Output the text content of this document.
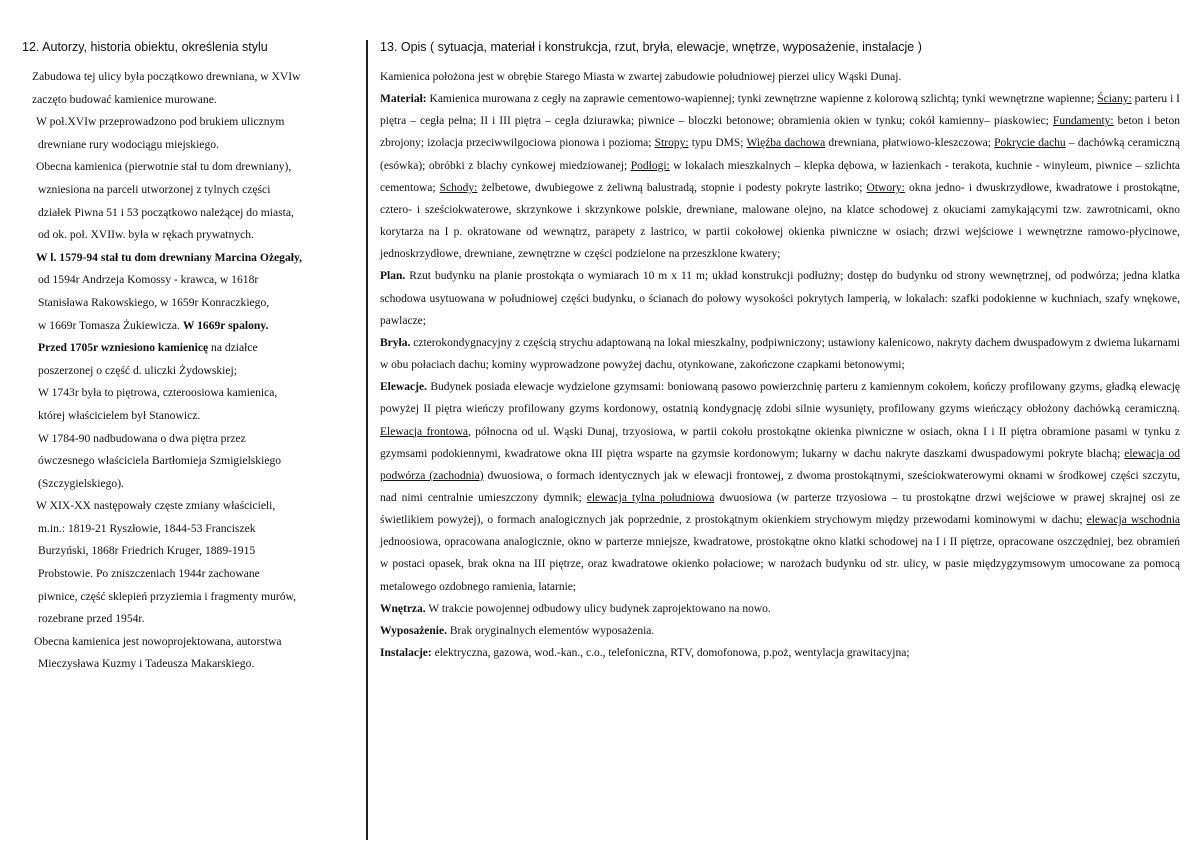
12. Autorzy, historia obiektu, określenia stylu
Zabudowa tej ulicy była początkowo drewniana, w XVIw
zaczęto budować kamienice murowane.
W poł.XVIw przeprowadzono pod brukiem ulicznym
drewniane rury wodociągu miejskiego.
Obecna kamienica (pierwotnie stał tu dom drewniany),
wzniesiona na parceli utworzonej z tylnych części
działek Piwna 51 i 53 początkowo należącej do miasta,
od ok. poł. XVIIw. była w rękach prywatnych.
W l. 1579-94 stał tu dom drewniany Marcina Ożegały,
od 1594r Andrzeja Komossy - krawca, w 1618r
Stanisława Rakowskiego, w 1659r Konraczkiego,
w 1669r Tomasza Żukiewicza. W 1669r spalony.
Przed 1705r wzniesiono kamienicę na działce
poszerzonej o część d. uliczki Żydowskiej;
W 1743r była to piętrowa, czteroosiowa kamienica,
której właścicielem był Stanowicz.
W 1784-90 nadbudowana o dwa piętra przez
ówczesnego właściciela Bartłomieja Szmigielskiego
(Szczygielskiego).
W XIX-XX następowały częste zmiany właścicieli,
m.in.: 1819-21 Ryszłowie, 1844-53 Franciszek
Burzyński, 1868r Friedrich Kruger, 1889-1915
Probstowie. Po zniszczeniach 1944r zachowane
piwnice, część sklepień przyziemia i fragmenty murów,
rozebrane przed 1954r.
Obecna kamienica jest nowoprojektowana, autorstwa
Mieczysława Kuzmy i Tadeusza Makarskiego.
13. Opis ( sytuacja, materiał i konstrukcja, rzut, bryła, elewacje, wnętrze, wyposażenie, instalacje )

Kamienica położona jest w obrębie Starego Miasta w zwartej zabudowie południowej pierzei ulicy Wąski Dunaj.

Materiał: Kamienica murowana z cegły na zaprawie cementowo-wapiennej; tynki zewnętrzne wapienne z kolorową szlichtą; tynki wewnętrzne wapienne; Ściany: parteru i I piętra – cegła pełna; II i III piętra – cegła dziurawka; piwnice – bloczki betonowe; obramienia okien w tynku; cokół kamienny– piaskowiec; Fundamenty: beton i beton zbrojony; izolacja przeciwwilgociowa pionowa i pozioma; Stropy: typu DMS; Więźba dachowa drewniana, płatwiowo-kleszczowa; Pokrycie dachu – dachówką ceramiczną (esówka); obróbki z blachy cynkowej miedziowanej; Podłogi: w lokalach mieszkalnych – klepka dębowa, w łazienkach - terakota, kuchnie - winyleum, piwnice – szlichta cementowa; Schody: żelbetowe, dwubiegowe z żeliwną balustradą, stopnie i podesty pokryte lastriko; Otwory: okna jedno- i dwuskrzydłowe, kwadratowe i prostokątne, cztero- i sześciokwaterowe, skrzynkowe i skrzynkowe polskie, drewniane, malowane olejno, na klatce schodowej z okuciami zamykającymi tzw. zawrotnicami, okno korytarza na I p. okratowane od wewnątrz, parapety z lastrico, w partii cokołowej okienka piwniczne w osiach; drzwi wejściowe i wewnętrzne ramowo-płycinowe, jednoskrzydłowe, drewniane, zewnętrzne w części podzielone na przeszklone kwatery;

Plan. Rzut budynku na planie prostokąta o wymiarach 10 m x 11 m; układ konstrukcji podłużny; dostęp do budynku od strony wewnętrznej, od podwórza; jedna klatka schodowa usytuowana w południowej części budynku, o ścianach do połowy wysokości pokrytych lamperią, w lokalach: szafki podokienne w kuchniach, szafy wnękowe, pawlacze;

Bryła. czterokondygnacyjny z częścią strychu adaptowaną na lokal mieszkalny, podpiwniczony; ustawiony kalenicowo, nakryty dachem dwuspadowym z dwiema lukarnami w obu połaciach dachu; kominy wyprowadzone powyżej dachu, otynkowane, zakończone czapkami betonowymi;

Elewacje. Budynek posiada elewacje wydzielone gzymsami: boniowaną pasowo powierzchnię parteru z kamiennym cokołem, kończy profilowany gzyms, gładką elewację powyżej II piętra wieńczy profilowany gzyms kordonowy, ostatnią kondygnację zdobi silnie wysunięty, profilowany gzyms wieńczący obłożony dachówką ceramiczną. Elewacja frontowa, północna od ul. Wąski Dunaj, trzyosiowa, w partii cokołu prostokątne okienka piwniczne w osiach, okna I i II piętra obramione pasami w tynku z gzymsami podokiennymi, kwadratowe okna III piętra wsparte na gzymsie kordonowym; lukarny w dachu nakryte daszkami dwuspadowymi pokryte blachą; elewacja od podwórza (zachodnia) dwuosiowa, o formach identycznych jak w elewacji frontowej, z dwoma prostokątnymi, sześciokwaterowymi oknami w środkowej części szczytu, nad nimi centralnie umieszczony dymnik; elewacja tylna południowa dwuosiowa (w parterze trzyosiowa – tu prostokątne drzwi wejściowe w prawej skrajnej osi ze świetlikiem powyżej), o formach analogicznych jak poprzednie, z prostokątnym okienkiem strychowym między przewodami kominowymi w dachu; elewacja wschodnia jednoosiowa, opracowana analogicznie, okno w parterze mniejsze, kwadratowe, prostokątne okno klatki schodowej na I i II piętrze, opracowane oszczędniej, bez obramień w postaci opasek, brak okna na III piętrze, oraz kwadratowe okienko połaciowe; w narożach budynku od str. ulicy, w pasie międzygzymsowym umocowane za pomocą metalowego ozdobnego ramienia, latarnie;

Wnętrza. W trakcie powojennej odbudowy ulicy budynek zaprojektowano na nowo.

Wyposażenie. Brak oryginalnych elementów wyposażenia.

Instalacje: elektryczna, gazowa, wod.-kan., c.o., telefoniczna, RTV, domofonowa, p.poż, wentylacja grawitacyjna;
